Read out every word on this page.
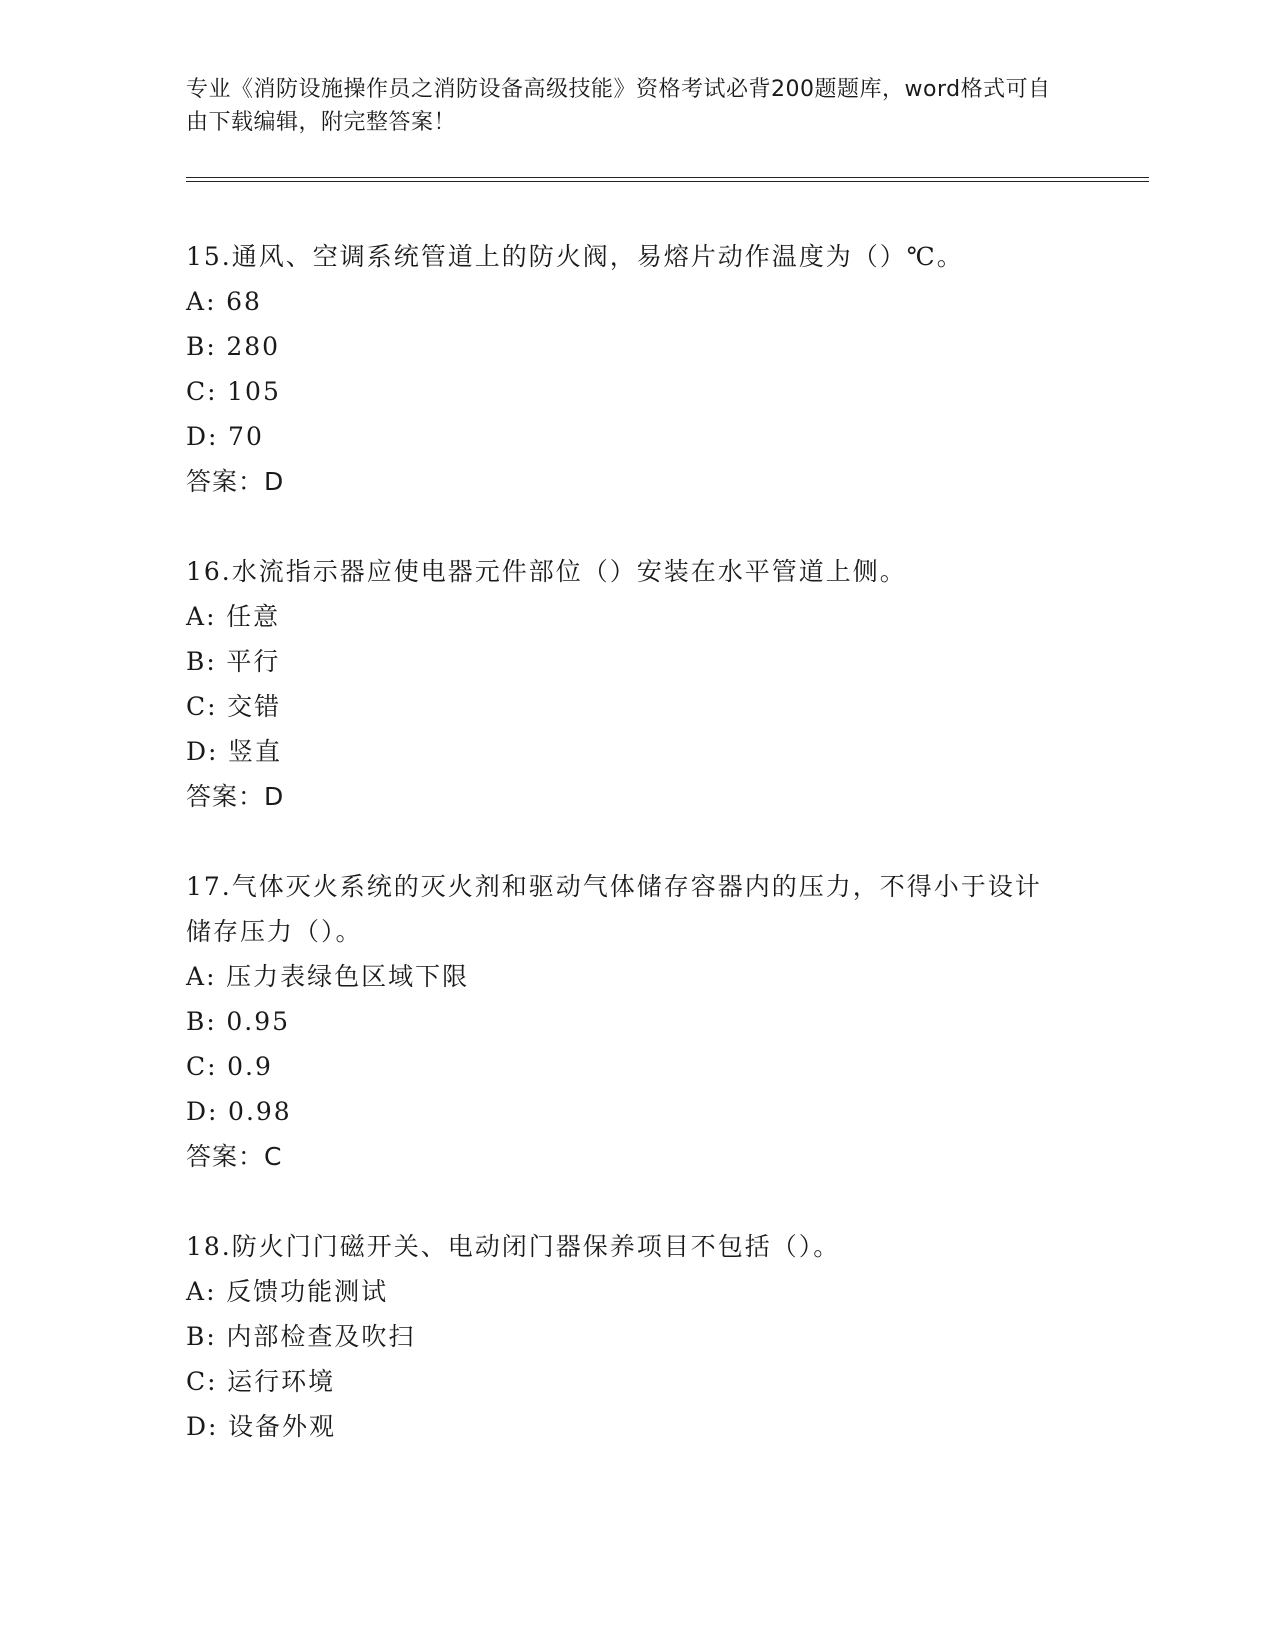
专业《消防设施操作员之消防设备高级技能》资格考试必背200题题库，word格式可自由下载编辑，附完整答案！

15.通风、空调系统管道上的防火阀，易熔片动作温度为（）℃。

A: 68
B: 280
C: 105
D: 70
答案：D

16.水流指示器应使电器元件部位（）安装在水平管道上侧。

A: 任意
B: 平行
C: 交错
D: 竖直
答案：D

17.气体灭火系统的灭火剂和驱动气体储存容器内的压力，不得小于设计储存压力（）。

A: 压力表绿色区域下限
B: 0.95
C: 0.9
D: 0.98
答案：C

18.防火门门磁开关、电动闭门器保养项目不包括（）。

A: 反馈功能测试
B: 内部检查及吹扫
C: 运行环境
D: 设备外观
